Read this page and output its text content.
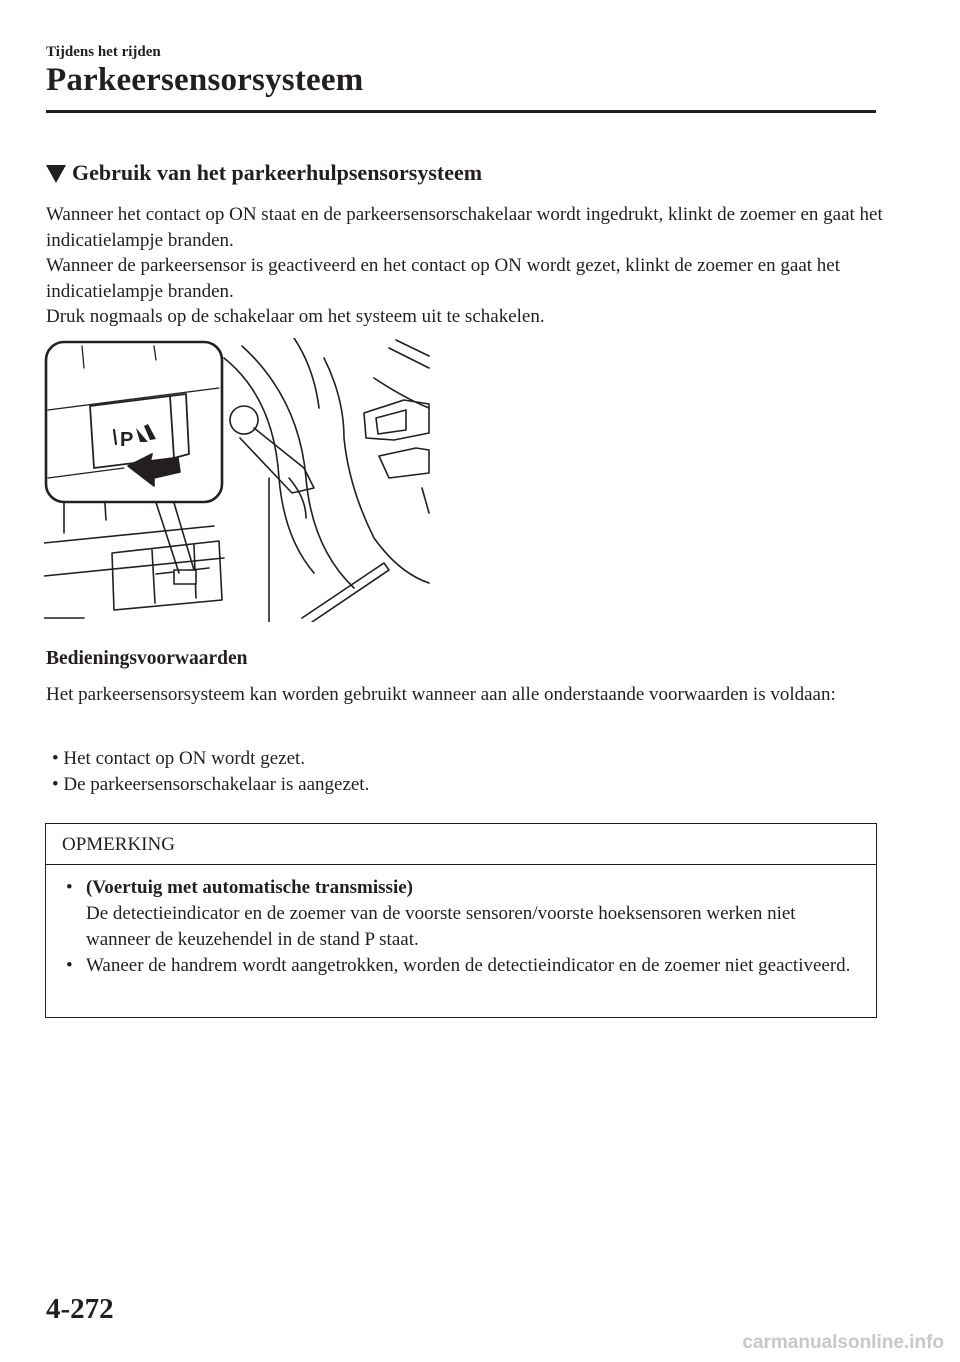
Tijdens het rijden
Parkeersensorsysteem
Gebruik van het parkeerhulpsensorsysteem

Wanneer het contact op ON staat en de parkeersensorschakelaar wordt ingedrukt, klinkt de zoemer en gaat het indicatielampje branden.

Wanneer de parkeersensor is geactiveerd en het contact op ON wordt gezet, klinkt de zoemer en gaat het indicatielampje branden.

Druk nogmaals op de schakelaar om het systeem uit te schakelen.

P
Bedieningsvoorwaarden

Het parkeersensorsysteem kan worden gebruikt wanneer aan alle onderstaande voorwaarden is voldaan:

• Het contact op ON wordt gezet.
• De parkeersensorschakelaar is aangezet.
OPMERKING
• (Voertuig met automatische transmissie)
De detectieindicator en de zoemer van de voorste sensoren/voorste hoeksensoren werken niet wanneer de keuzehendel in de stand P staat.
• Waneer de handrem wordt aangetrokken, worden de detectieindicator en de zoemer niet geactiveerd.
4-272
carmanualsonline.info
